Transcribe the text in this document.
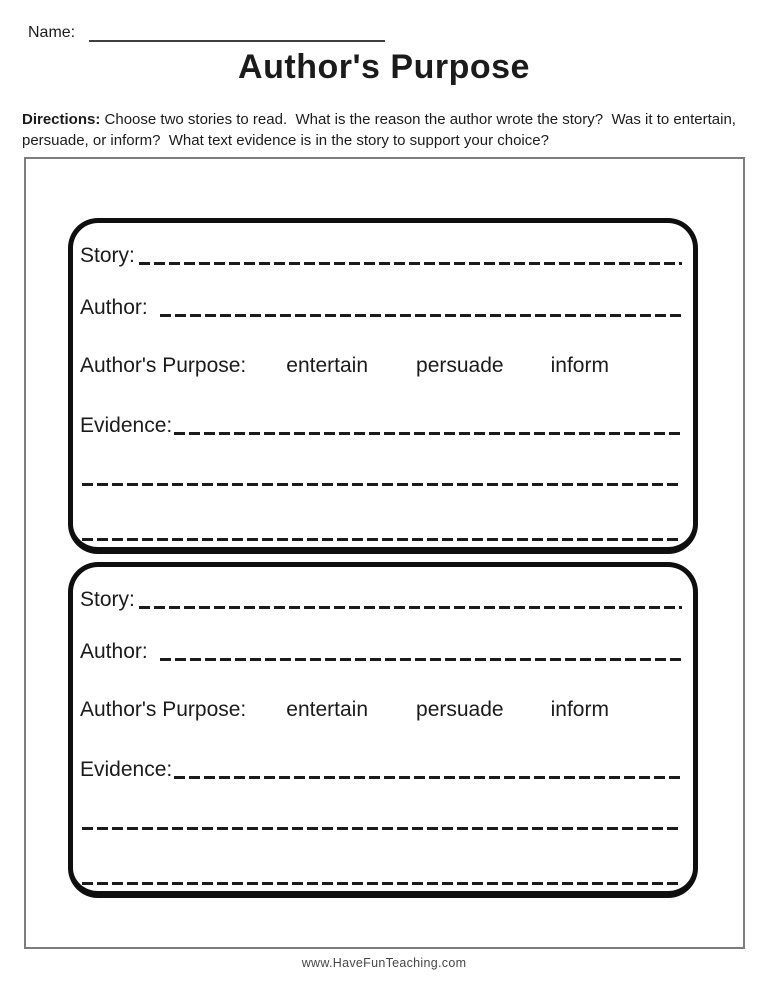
Name:
Author's Purpose
Directions: Choose two stories to read.  What is the reason the author wrote the story?  Was it to entertain,
persuade, or inform?  What text evidence is in the story to support your choice?
Story:
Author:
Author's Purpose: entertain persuade inform
Evidence:
Story:
Author:
Author's Purpose: entertain persuade inform
Evidence:
www.HaveFunTeaching.com
